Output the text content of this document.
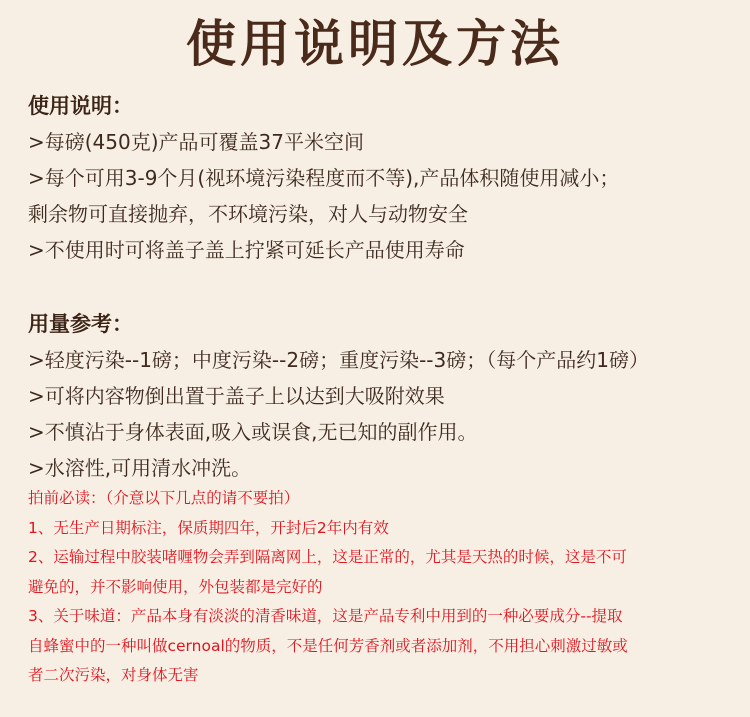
使用说明及方法
使用说明：
>每磅(450克)产品可覆盖37平米空间
>每个可用3-9个月(视环境污染程度而不等),产品体积随使用减小；
剩余物可直接抛弃，不环境污染，对人与动物安全
>不使用时可将盖子盖上拧紧可延长产品使用寿命
用量参考：
>轻度污染--1磅；中度污染--2磅；重度污染--3磅；（每个产品约1磅）
>可将内容物倒出置于盖子上以达到大吸附效果
>不慎沾于身体表面,吸入或误食,无已知的副作用。
>水溶性,可用清水冲洗。
拍前必读：（介意以下几点的请不要拍）
1、无生产日期标注，保质期四年，开封后2年内有效
2、运输过程中胶装啫喱物会弄到隔离网上，这是正常的，尤其是天热的时候，这是不可
避免的，并不影响使用，外包装都是完好的
3、关于味道：产品本身有淡淡的清香味道，这是产品专利中用到的一种必要成分--提取
自蜂蜜中的一种叫做cernoal的物质，不是任何芳香剂或者添加剂，不用担心刺激过敏或
者二次污染，对身体无害
